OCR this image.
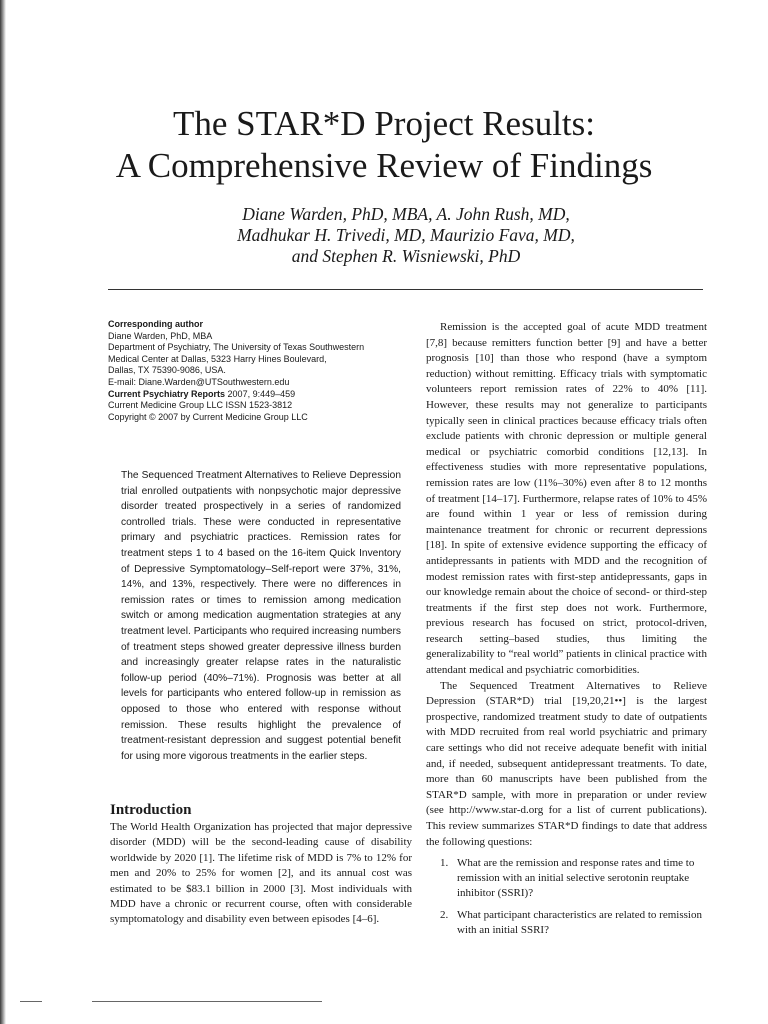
The STAR*D Project Results:
A Comprehensive Review of Findings
Diane Warden, PhD, MBA, A. John Rush, MD,
Madhukar H. Trivedi, MD, Maurizio Fava, MD,
and Stephen R. Wisniewski, PhD
Corresponding author
Diane Warden, PhD, MBA
Department of Psychiatry, The University of Texas Southwestern
Medical Center at Dallas, 5323 Harry Hines Boulevard,
Dallas, TX 75390-9086, USA.
E-mail: Diane.Warden@UTSouthwestern.edu
Current Psychiatry Reports 2007, 9:449–459
Current Medicine Group LLC ISSN 1523-3812
Copyright © 2007 by Current Medicine Group LLC
The Sequenced Treatment Alternatives to Relieve Depression trial enrolled outpatients with nonpsychotic major depressive disorder treated prospectively in a series of randomized controlled trials. These were conducted in representative primary and psychiatric practices. Remission rates for treatment steps 1 to 4 based on the 16-item Quick Inventory of Depressive Symptomatology–Self-report were 37%, 31%, 14%, and 13%, respectively. There were no differences in remission rates or times to remission among medication switch or among medication augmentation strategies at any treatment level. Participants who required increasing numbers of treatment steps showed greater depressive illness burden and increasingly greater relapse rates in the naturalistic follow-up period (40%–71%). Prognosis was better at all levels for participants who entered follow-up in remission as opposed to those who entered with response without remission. These results highlight the prevalence of treatment-resistant depression and suggest potential benefit for using more vigorous treatments in the earlier steps.
Introduction
The World Health Organization has projected that major depressive disorder (MDD) will be the second-leading cause of disability worldwide by 2020 [1]. The lifetime risk of MDD is 7% to 12% for men and 20% to 25% for women [2], and its annual cost was estimated to be $83.1 billion in 2000 [3]. Most individuals with MDD have a chronic or recurrent course, often with considerable symptomatology and disability even between episodes [4–6].

Remission is the accepted goal of acute MDD treatment [7,8] because remitters function better [9] and have a better prognosis [10] than those who respond (have a symptom reduction) without remitting. Efficacy trials with symptomatic volunteers report remission rates of 22% to 40% [11]. However, these results may not generalize to participants typically seen in clinical practices because efficacy trials often exclude patients with chronic depression or multiple general medical or psychiatric comorbid conditions [12,13]. In effectiveness studies with more representative populations, remission rates are low (11%–30%) even after 8 to 12 months of treatment [14–17]. Furthermore, relapse rates of 10% to 45% are found within 1 year or less of remission during maintenance treatment for chronic or recurrent depressions [18]. In spite of extensive evidence supporting the efficacy of antidepressants in patients with MDD and the recognition of modest remission rates with first-step antidepressants, gaps in our knowledge remain about the choice of second- or third-step treatments if the first step does not work. Furthermore, previous research has focused on strict, protocol-driven, research setting–based studies, thus limiting the generalizability to “real world” patients in clinical practice with attendant medical and psychiatric comorbidities.

The Sequenced Treatment Alternatives to Relieve Depression (STAR*D) trial [19,20,21••] is the largest prospective, randomized treatment study to date of outpatients with MDD recruited from real world psychiatric and primary care settings who did not receive adequate benefit with initial and, if needed, subsequent antidepressant treatments. To date, more than 60 manuscripts have been published from the STAR*D sample, with more in preparation or under review (see http://www.star-d.org for a list of current publications). This review summarizes STAR*D findings to date that address the following questions:

1. What are the remission and response rates and time to remission with an initial selective serotonin reuptake inhibitor (SSRI)?
2. What participant characteristics are related to remission with an initial SSRI?
